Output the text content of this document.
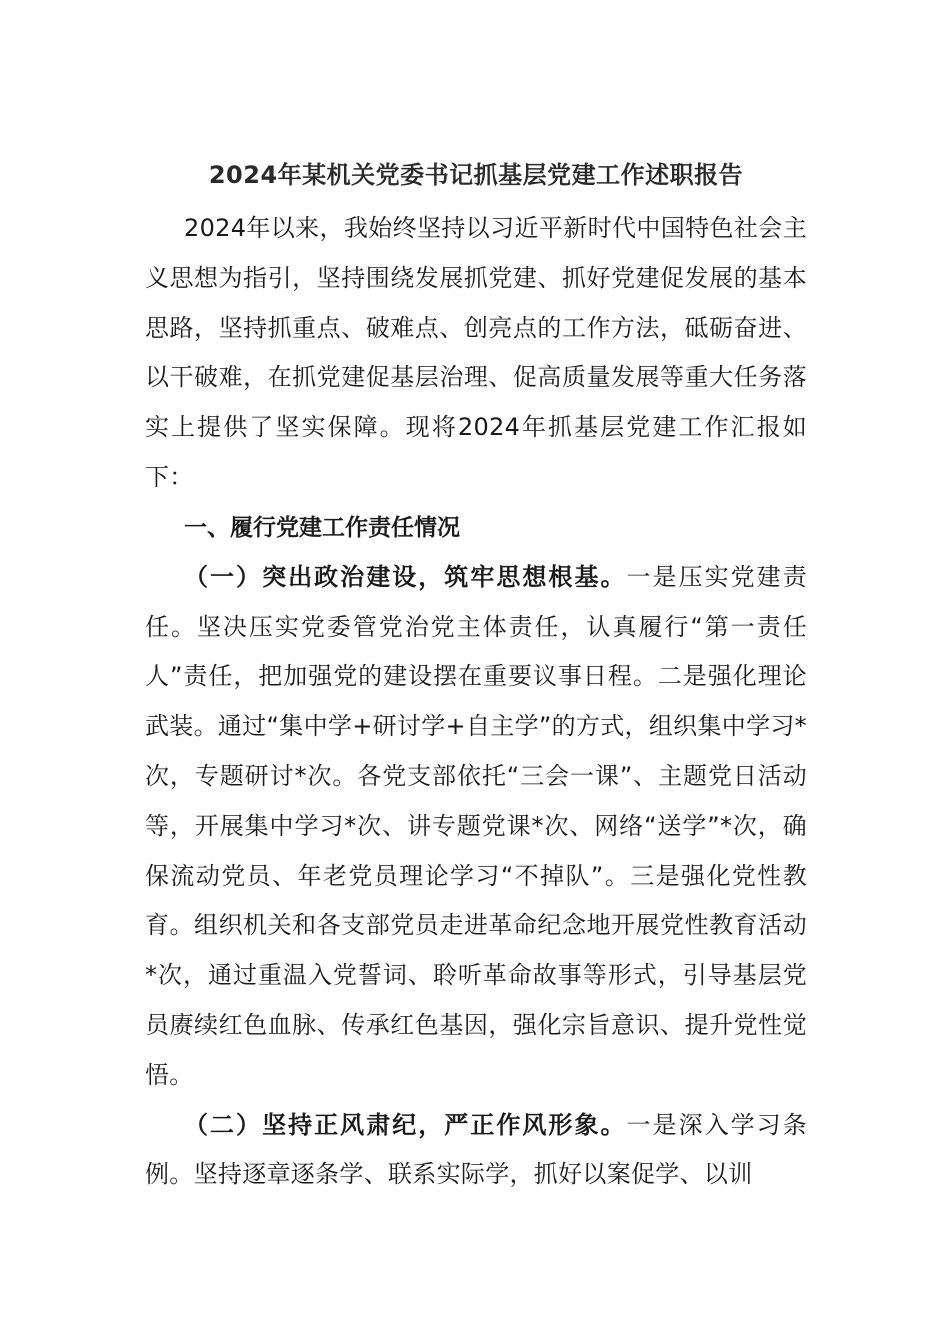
2024年某机关党委书记抓基层党建工作述职报告

2024年以来，我始终坚持以习近平新时代中国特色社会主义思想为指引，坚持围绕发展抓党建、抓好党建促发展的基本思路，坚持抓重点、破难点、创亮点的工作方法，砥砺奋进、以干破难，在抓党建促基层治理、促高质量发展等重大任务落实上提供了坚实保障。现将2024年抓基层党建工作汇报如下：

一、履行党建工作责任情况

（一）突出政治建设，筑牢思想根基。一是压实党建责任。坚决压实党委管党治党主体责任，认真履行“第一责任人”责任，把加强党的建设摆在重要议事日程。二是强化理论武装。通过“集中学+研讨学+自主学”的方式，组织集中学习*次，专题研讨*次。各党支部依托“三会一课”、主题党日活动等，开展集中学习*次、讲专题党课*次、网络“送学”*次，确保流动党员、年老党员理论学习“不掉队”。三是强化党性教育。组织机关和各支部党员走进革命纪念地开展党性教育活动*次，通过重温入党誓词、聆听革命故事等形式，引导基层党员赓续红色血脉、传承红色基因，强化宗旨意识、提升党性觉悟。

（二）坚持正风肃纪，严正作风形象。一是深入学习条例。坚持逐章逐条学、联系实际学，抓好以案促学、以训
